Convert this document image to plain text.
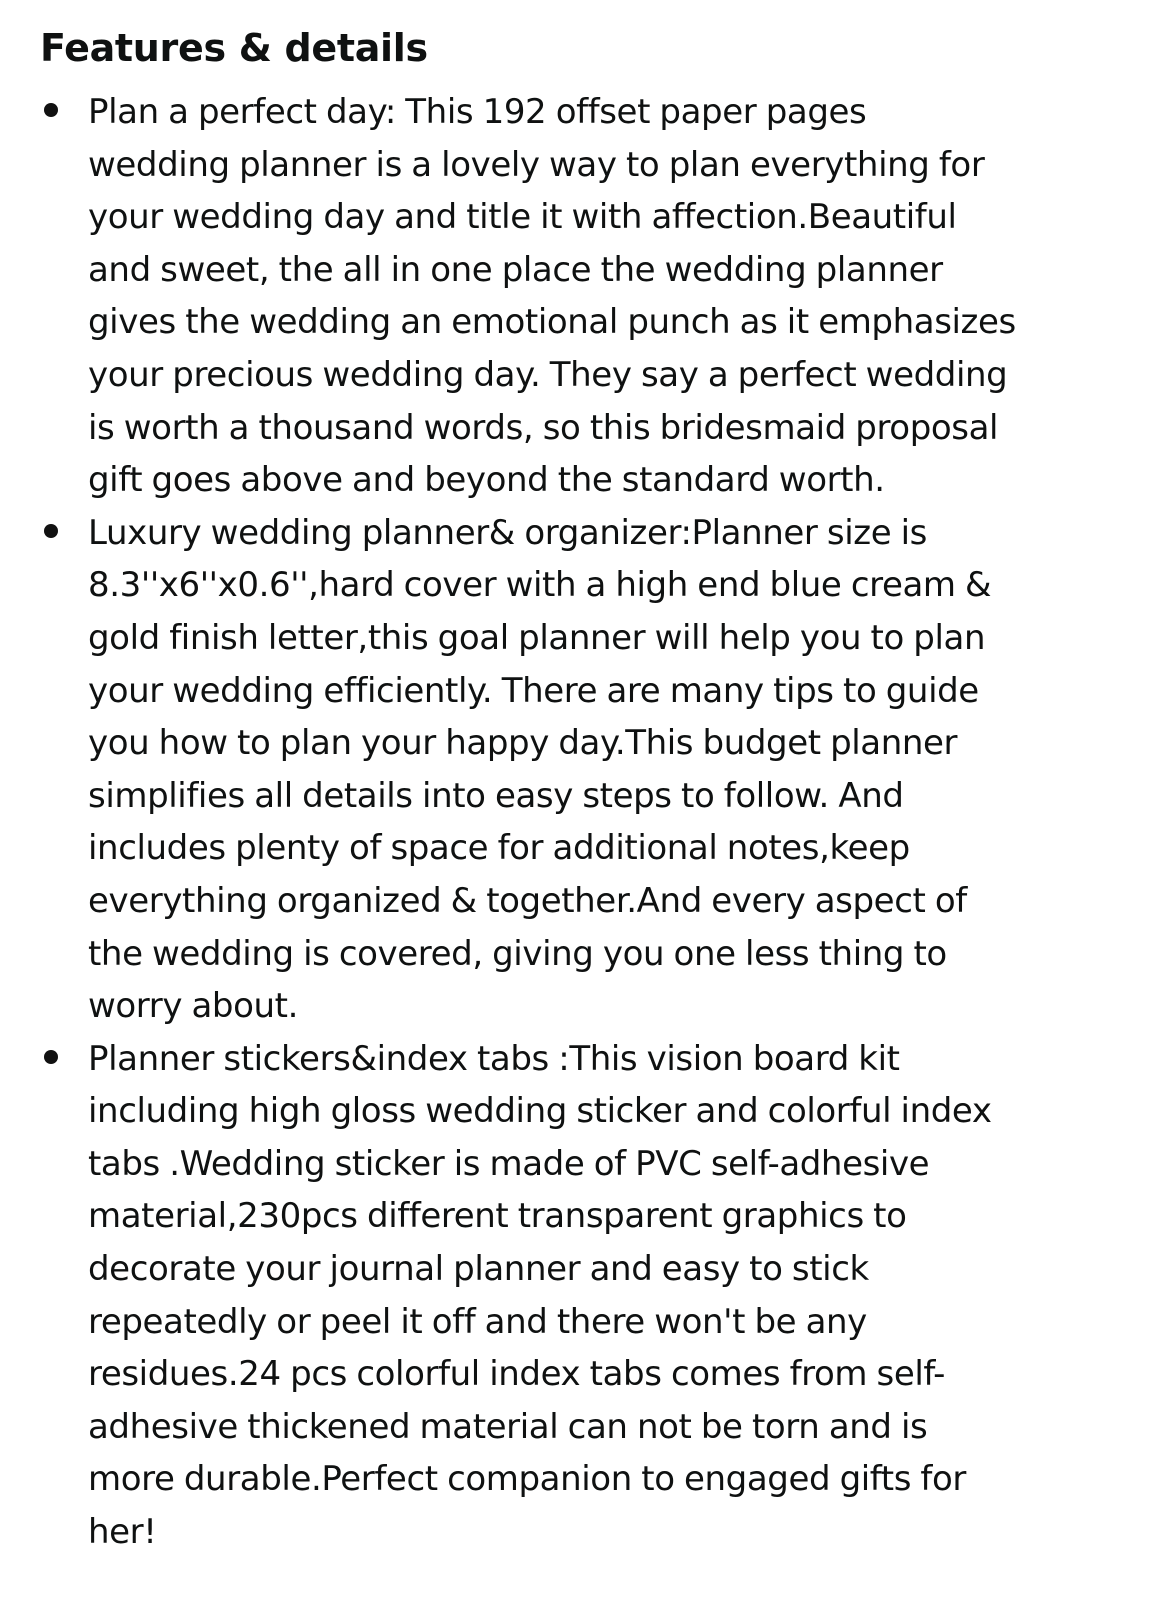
Features & details
Plan a perfect day: This 192 offset paper pages
wedding planner is a lovely way to plan everything for
your wedding day and title it with affection.Beautiful
and sweet, the all in one place the wedding planner
gives the wedding an emotional punch as it emphasizes
your precious wedding day. They say a perfect wedding
is worth a thousand words, so this bridesmaid proposal
gift goes above and beyond the standard worth.
Luxury wedding planner& organizer:Planner size is
8.3''x6''x0.6'',hard cover with a high end blue cream &
gold finish letter,this goal planner will help you to plan
your wedding efficiently. There are many tips to guide
you how to plan your happy day.This budget planner
simplifies all details into easy steps to follow. And
includes plenty of space for additional notes,keep
everything organized & together.And every aspect of
the wedding is covered, giving you one less thing to
worry about.
Planner stickers&index tabs :This vision board kit
including high gloss wedding sticker and colorful index
tabs .Wedding sticker is made of PVC self-adhesive
material,230pcs different transparent graphics to
decorate your journal planner and easy to stick
repeatedly or peel it off and there won't be any
residues.24 pcs colorful index tabs comes from self-
adhesive thickened material can not be torn and is
more durable.Perfect companion to engaged gifts for
her!
